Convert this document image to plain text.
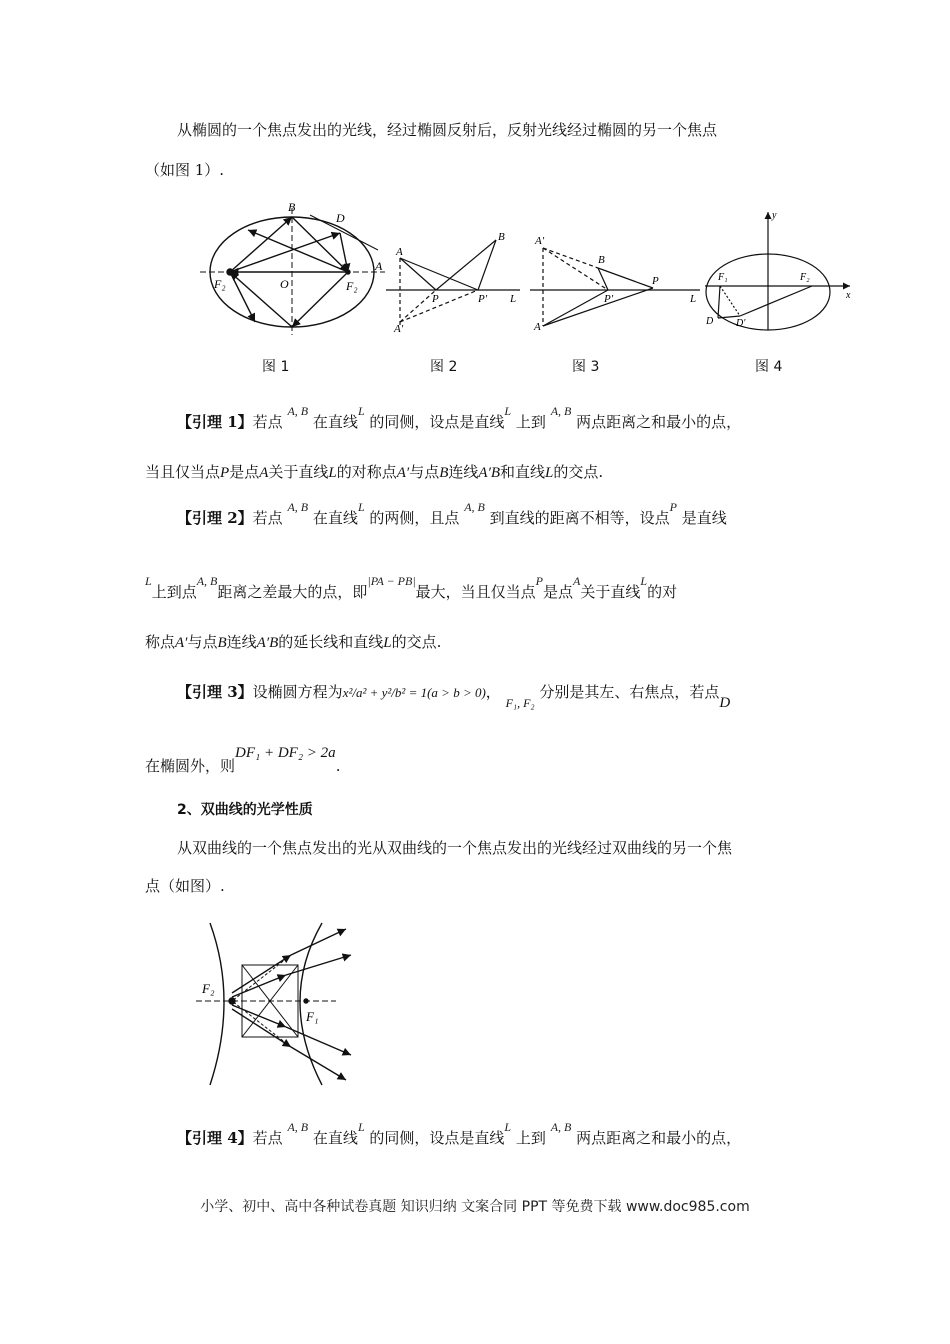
从椭圆的一个焦点发出的光线，经过椭圆反射后，反射光线经过椭圆的另一个焦点
（如图 1）.
B
D
A
O
F₂	F₂
A
B
P	P' L
A'
A'
B
P
P'	L
A
y
x
F₁	F₂
D D'
图 1	图 2	图 3	图 4
【引理 1】若点 $^{A, B}$ 在直线$^L$ 的同侧，设点是直线$^L$ 上到 $^{A, B}$ 两点距离之和最小的点，
当且仅当点P是点A关于直线L的对称点A′与点B连线A′B和直线L的交点.
【引理 2】若点 $^{A, B}$ 在直线$^L$ 的两侧，且点 $^{A, B}$ 到直线的距离不相等，设点$^P$ 是直线
$^L$上到点$^{A, B}$距离之差最大的点，即$^{|PA - PB|}$最大，当且仅当点$^P$是点$^A$关于直线$^L$的对
称点A′与点B连线A′B的延长线和直线L的交点.
【引理 3】设椭圆方程为x²/a² + y²/b² = 1(a > b > 0)， $_{F_1, F_2}$ 分别是其左、右焦点，若点D
在椭圆外，则DF₁ + DF₂ > 2a.
2、双曲线的光学性质
从双曲线的一个焦点发出的光从双曲线的一个焦点发出的光线经过双曲线的另一个焦
点（如图）.
F₂
F₁
【引理 4】若点 $^{A, B}$ 在直线$^L$ 的同侧，设点是直线$^L$ 上到 $^{A, B}$ 两点距离之和最小的点，
小学、初中、高中各种试卷真题 知识归纳 文案合同 PPT 等免费下载 www.doc985.com
